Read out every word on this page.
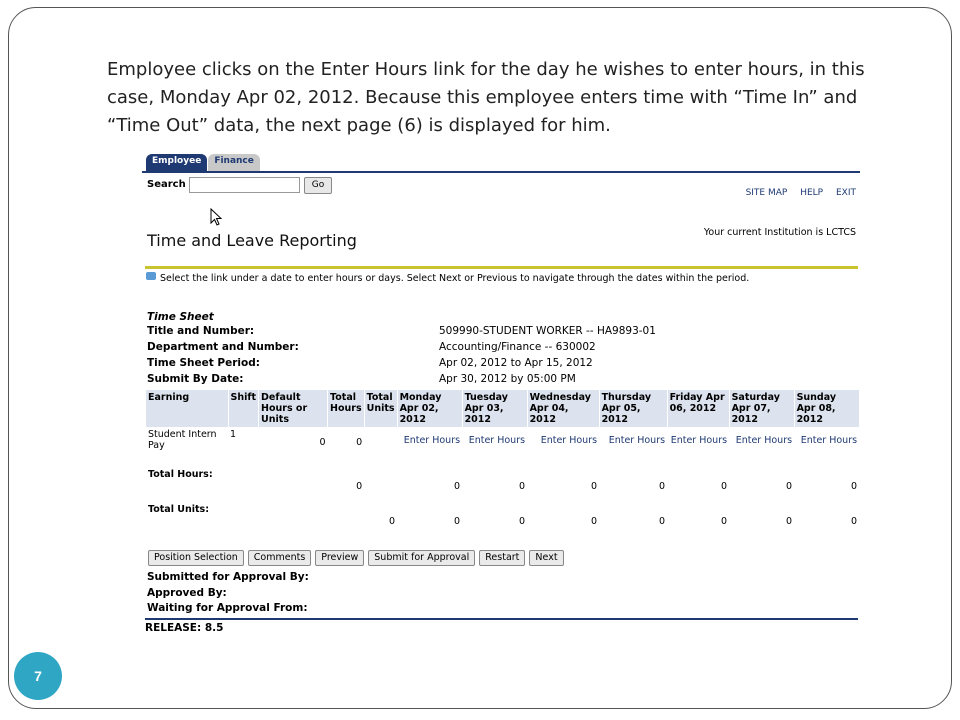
Employee clicks on the Enter Hours link for the day he wishes to enter hours, in this case, Monday Apr 02, 2012. Because this employee enters time with “Time In” and “Time Out” data, the next page (6) is displayed for him.
7
Employee	Finance
Search	Go
SITE MAP HELP EXIT
Time and Leave Reporting	Your current Institution is LCTCS
Select the link under a date to enter hours or days. Select Next or Previous to navigate through the dates within the period.
Time Sheet
Title and Number:	509990-STUDENT WORKER -- HA9893-01
Department and Number:	Accounting/Finance -- 630002
Time Sheet Period:	Apr 02, 2012 to Apr 15, 2012
Submit By Date:	Apr 30, 2012 by 05:00 PM
Earning	Shift	Default Hours or Units	Total Hours	Total Units	Monday Apr 02, 2012	Tuesday Apr 03, 2012	Wednesday Apr 04, 2012	Thursday Apr 05, 2012	Friday Apr 06, 2012	Saturday Apr 07, 2012	Sunday Apr 08, 2012
Student Intern Pay	1	0	0		Enter Hours	Enter Hours	Enter Hours	Enter Hours	Enter Hours	Enter Hours	Enter Hours
Total Hours:			0		0	0	0	0	0	0	0
Total Units:				0	0	0	0	0	0	0	0
Position Selection	Comments	Preview	Submit for Approval	Restart	Next
Submitted for Approval By:
Approved By:
Waiting for Approval From:
RELEASE: 8.5
